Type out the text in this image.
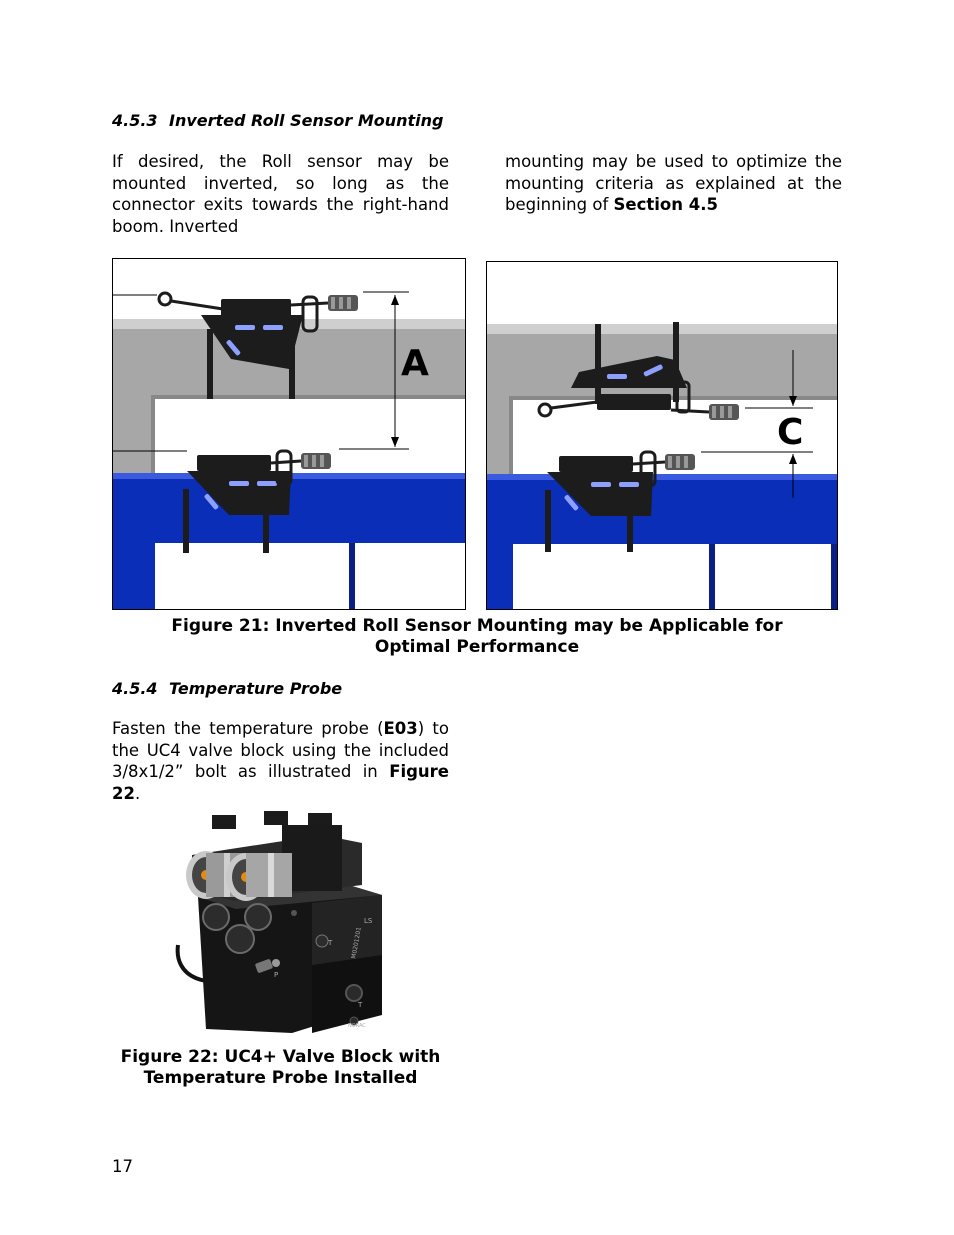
4.5.3 Inverted Roll Sensor Mounting
If desired, the Roll sensor may be mounted inverted, so long as the connector exits towards the right-hand boom. Inverted
mounting may be used to optimize the mounting criteria as explained at the beginning of Section 4.5
A
C
Figure 21: Inverted Roll Sensor Mounting may be Applicable for Optimal Performance
4.5.4 Temperature Probe
Fasten the temperature probe (E03) to the UC4 valve block using the included 3/8x1/2” bolt as illustrated in Figure 22.
T
LS
P
T
M0201201
NORAC
Figure 22: UC4+ Valve Block with Temperature Probe Installed
17
